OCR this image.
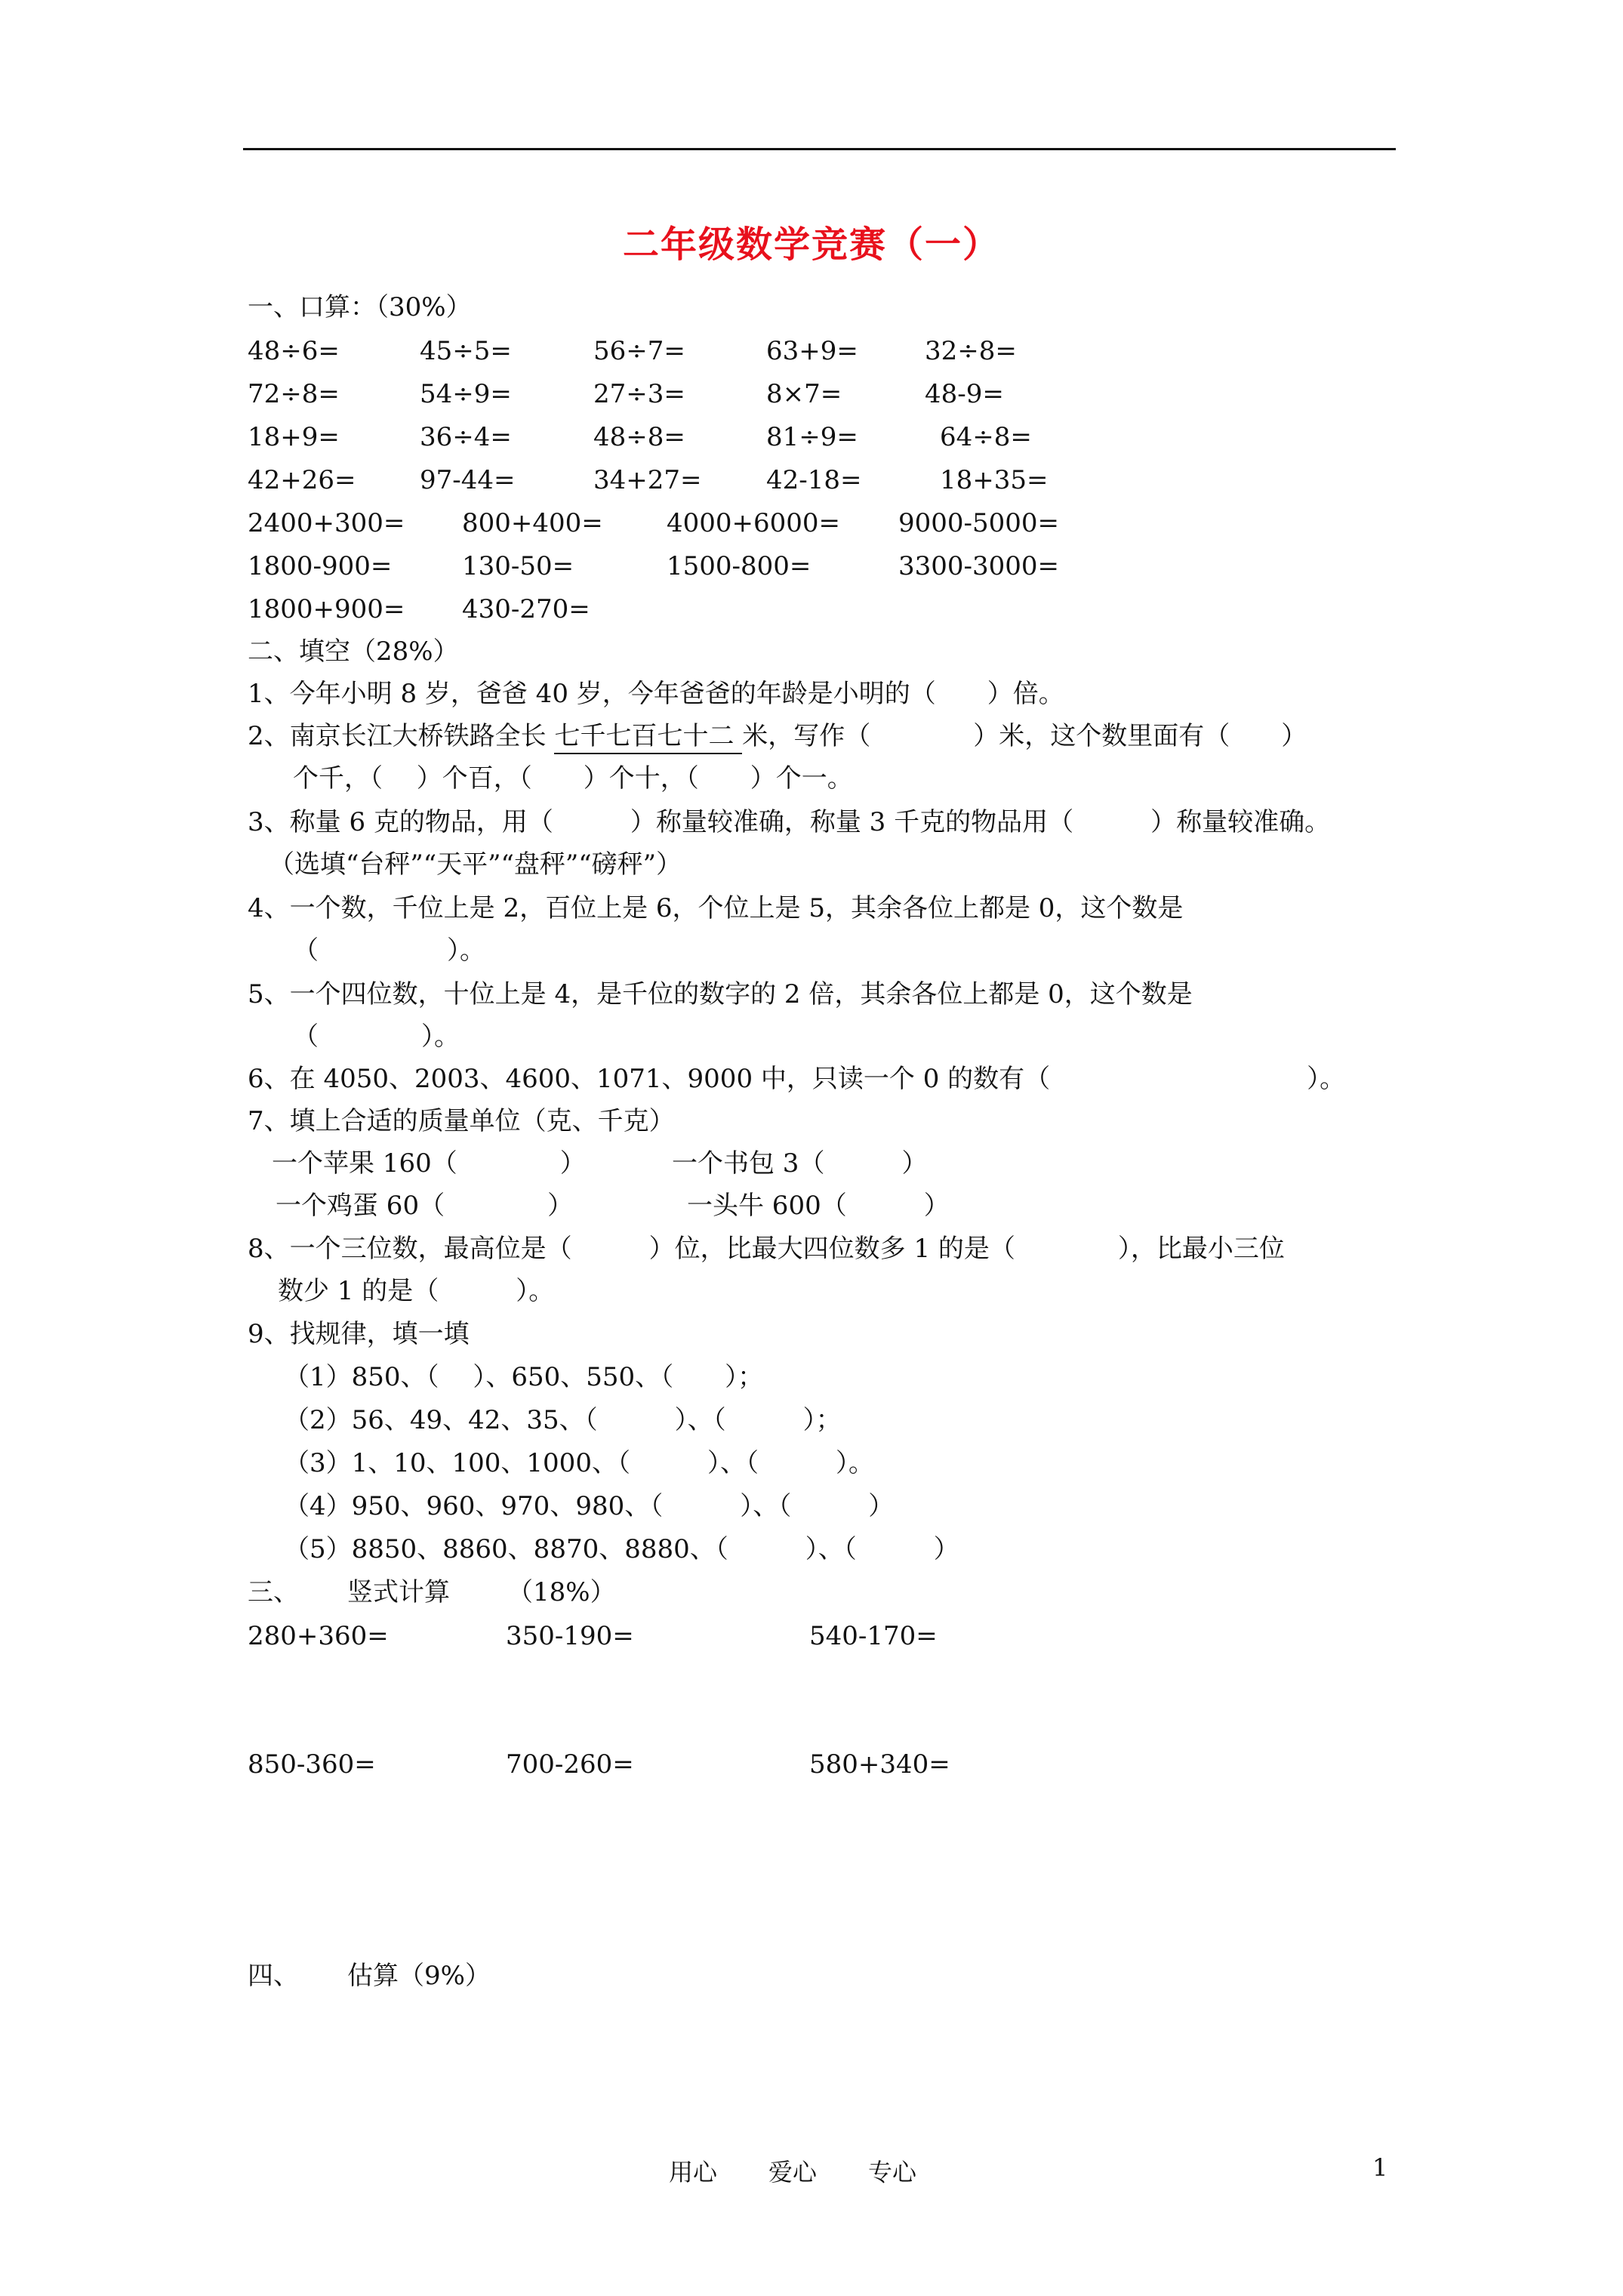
二年级数学竞赛（一）
一、口算：（30%）
48÷6=	45÷5=	56÷7=	63+9=	32÷8=
72÷8=	54÷9=	27÷3=	8×7=	48-9=
18+9=	36÷4=	48÷8=	81÷9=	64÷8=
42+26= 97-44=	34+27=	42-18=	18+35=
2400+300= 800+400= 4000+6000= 9000-5000=
1800-900=	130-50=	1500-800=	3300-3000=
1800+900= 430-270=
二、填空（28%）
1、今年小明 8 岁，爸爸 40 岁，今年爸爸的年龄是小明的（　　）倍。
2、南京长江大桥铁路全长 七千七百七十二 米，写作（　　　　）米，这个数里面有（　　）
个千，（　 ）个百，（　　）个十，（　　）个一。
3、称量 6 克的物品，用（　　　）称量较准确，称量 3 千克的物品用（　　　）称量较准确。
（选填“台秤”“天平”“盘秤”“磅秤”）
4、一个数，千位上是 2，百位上是 6，个位上是 5，其余各位上都是 0，这个数是
（　　　　　）。
5、一个四位数，十位上是 4，是千位的数字的 2 倍，其余各位上都是 0，这个数是
（　　　　）。
6、在 4050、2003、4600、1071、9000 中，只读一个 0 的数有（　　　　　　　　　　）。
7、填上合适的质量单位（克、千克）
一个苹果 160（　　　　）	一个书包 3（　　　）
一个鸡蛋 60（　　　　）	一头牛 600（　　　）
8、一个三位数，最高位是（　　　）位，比最大四位数多 1 的是（　　　　），比最小三位
数少 1 的是（　　　）。
9、找规律，填一填
（1）850、（　 ）、650、550、（　　）；
（2）56、49、42、35、（　　　）、（　　　）；
（3）1、10、100、1000、（　　　）、（　　　）。
（4）950、960、970、980、（　　　）、（　　　）
（5）8850、8860、8870、8880、（　　　）、（　　　）
三、 竖式计算 （18%）
280+360=	350-190=	540-170=
850-360=	700-260=	580+340=
四、 估算（9%）
用心 爱心 专心	1
